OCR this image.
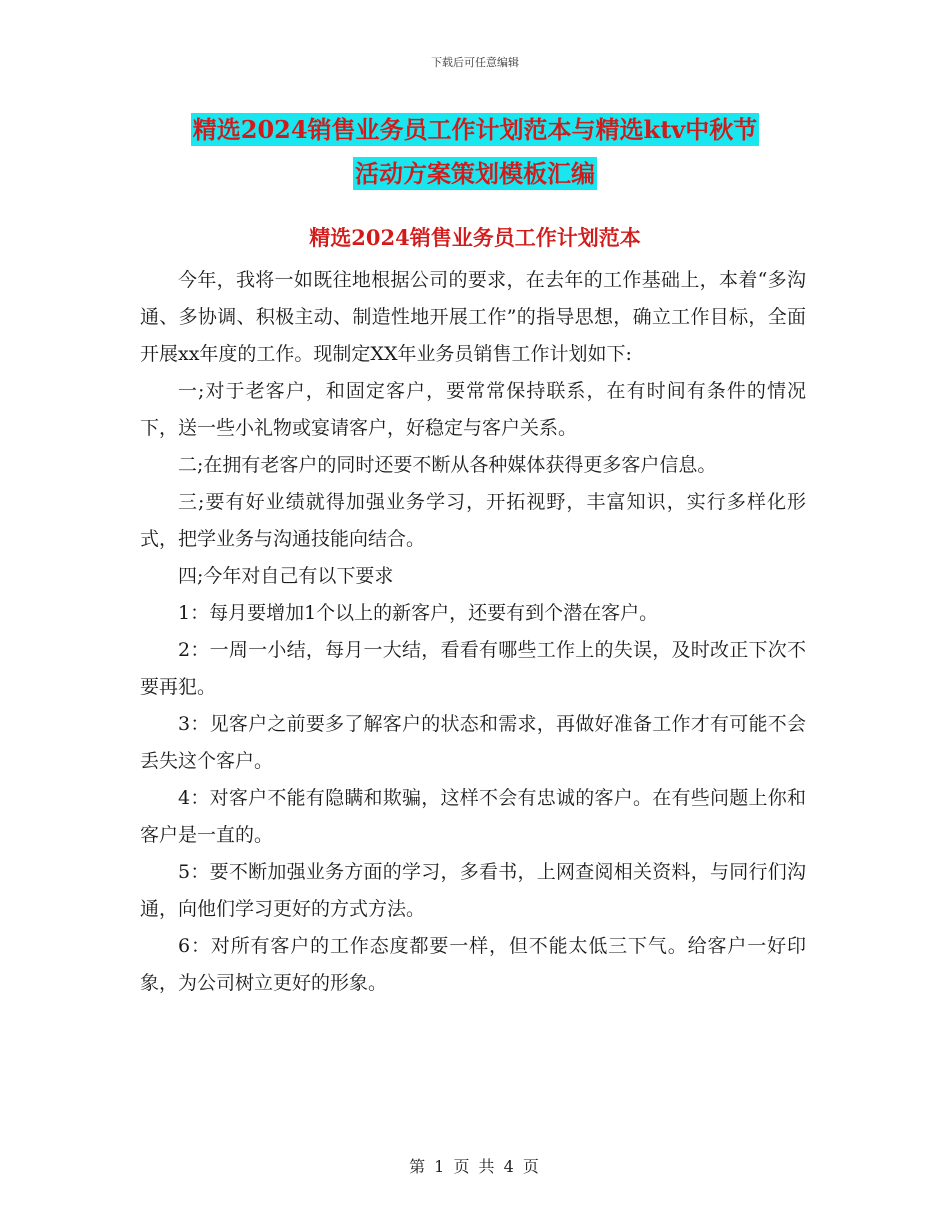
下载后可任意编辑
精选2024销售业务员工作计划范本与精选ktv中秋节
活动方案策划模板汇编
精选2024销售业务员工作计划范本

今年，我将一如既往地根据公司的要求，在去年的工作基础上，本着“多沟通、多协调、积极主动、制造性地开展工作”的指导思想，确立工作目标，全面开展xx年度的工作。现制定XX年业务员销售工作计划如下:

一;对于老客户，和固定客户，要常常保持联系，在有时间有条件的情况下，送一些小礼物或宴请客户，好稳定与客户关系。

二;在拥有老客户的同时还要不断从各种媒体获得更多客户信息。

三;要有好业绩就得加强业务学习，开拓视野，丰富知识，实行多样化形式，把学业务与沟通技能向结合。

四;今年对自己有以下要求

1：每月要增加1个以上的新客户，还要有到个潜在客户。

2：一周一小结，每月一大结，看看有哪些工作上的失误，及时改正下次不要再犯。

3：见客户之前要多了解客户的状态和需求，再做好准备工作才有可能不会丢失这个客户。

4：对客户不能有隐瞒和欺骗，这样不会有忠诚的客户。在有些问题上你和客户是一直的。

5：要不断加强业务方面的学习，多看书，上网查阅相关资料，与同行们沟通，向他们学习更好的方式方法。

6：对所有客户的工作态度都要一样，但不能太低三下气。给客户一好印象，为公司树立更好的形象。

第 1 页 共 4 页
